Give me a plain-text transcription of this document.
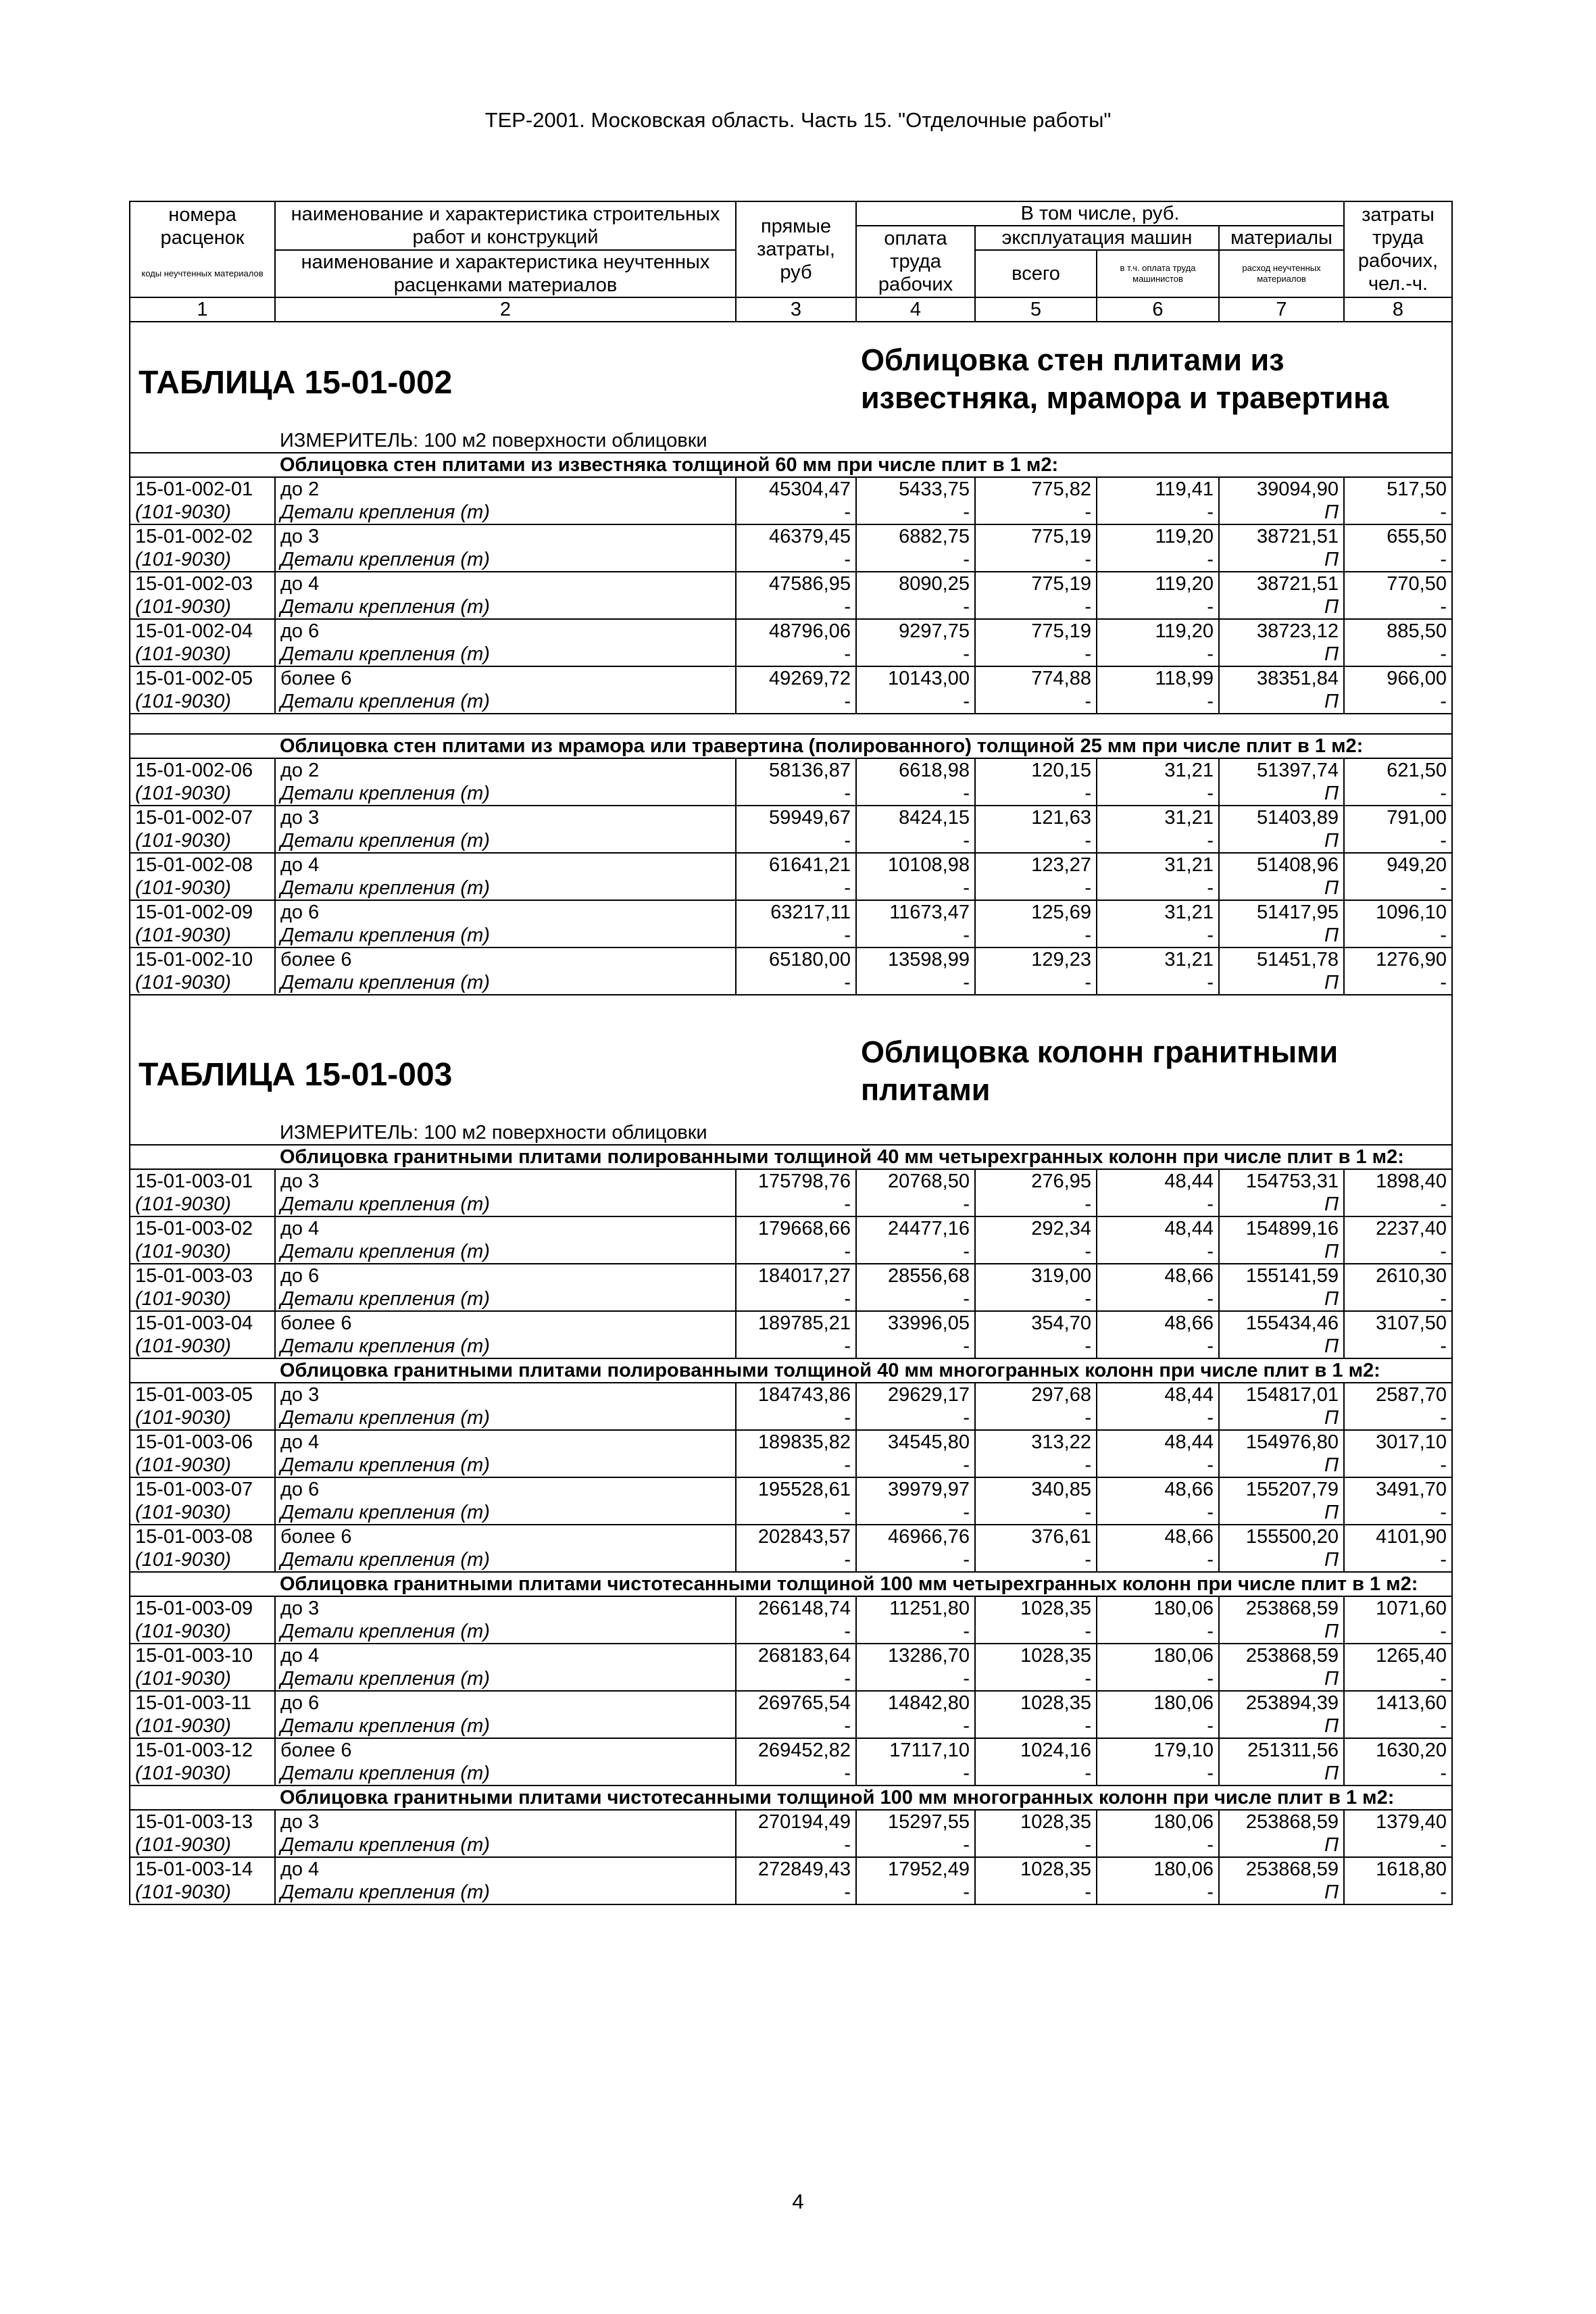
ТЕР-2001. Московская область. Часть 15. "Отделочные работы"
номера
расценок	наименование и характеристика строительных работ и конструкций	прямые затраты, руб	В том числе, руб.				затраты труда рабочих, чел.-ч.
			оплата труда рабочих	эксплуатация машин		материалы	
коды неучтенных материалов	наименование и характеристика неучтенных расценками материалов			всего	в т.ч. оплата труда машинистов	расход неучтенных материалов	

1	2	3	4	5	6	7	8
ТАБЛИЦА 15-01-002			Облицовка стен плитами из известняка, мрамора и травертина				
	ИЗМЕРИТЕЛЬ: 100 м2 поверхности облицовки						
	Облицовка стен плитами из известняка толщиной 60 мм при числе плит в 1 м2:						
15-01-002-01	до 2	45304,47	5433,75	775,82	119,41	39094,90	517,50
(101-9030)	Детали крепления (т)	-	-	-	-	П	-
15-01-002-02	до 3	46379,45	6882,75	775,19	119,20	38721,51	655,50
(101-9030)	Детали крепления (т)	-	-	-	-	П	-
15-01-002-03	до 4	47586,95	8090,25	775,19	119,20	38721,51	770,50
(101-9030)	Детали крепления (т)	-	-	-	-	П	-
15-01-002-04	до 6	48796,06	9297,75	775,19	119,20	38723,12	885,50
(101-9030)	Детали крепления (т)	-	-	-	-	П	-
15-01-002-05	более 6	49269,72	10143,00	774,88	118,99	38351,84	966,00
(101-9030)	Детали крепления (т)	-	-	-	-	П	-

	Облицовка стен плитами из мрамора или травертина (полированного) толщиной 25 мм при числе плит в 1 м2:						
15-01-002-06	до 2	58136,87	6618,98	120,15	31,21	51397,74	621,50
(101-9030)	Детали крепления (т)	-	-	-	-	П	-
15-01-002-07	до 3	59949,67	8424,15	121,63	31,21	51403,89	791,00
(101-9030)	Детали крепления (т)	-	-	-	-	П	-
15-01-002-08	до 4	61641,21	10108,98	123,27	31,21	51408,96	949,20
(101-9030)	Детали крепления (т)	-	-	-	-	П	-
15-01-002-09	до 6	63217,11	11673,47	125,69	31,21	51417,95	1096,10
(101-9030)	Детали крепления (т)	-	-	-	-	П	-
15-01-002-10	более 6	65180,00	13598,99	129,23	31,21	51451,78	1276,90
(101-9030)	Детали крепления (т)	-	-	-	-	П	-

ТАБЛИЦА 15-01-003			Облицовка колонн гранитными плитами				
	ИЗМЕРИТЕЛЬ: 100 м2 поверхности облицовки						
	Облицовка гранитными плитами полированными толщиной 40 мм четырехгранных колонн при числе плит в 1 м2:						
15-01-003-01	до 3	175798,76	20768,50	276,95	48,44	154753,31	1898,40
(101-9030)	Детали крепления (т)	-	-	-	-	П	-
15-01-003-02	до 4	179668,66	24477,16	292,34	48,44	154899,16	2237,40
(101-9030)	Детали крепления (т)	-	-	-	-	П	-
15-01-003-03	до 6	184017,27	28556,68	319,00	48,66	155141,59	2610,30
(101-9030)	Детали крепления (т)	-	-	-	-	П	-
15-01-003-04	более 6	189785,21	33996,05	354,70	48,66	155434,46	3107,50
(101-9030)	Детали крепления (т)	-	-	-	-	П	-
	Облицовка гранитными плитами полированными толщиной 40 мм многогранных колонн при числе плит в 1 м2:						
15-01-003-05	до 3	184743,86	29629,17	297,68	48,44	154817,01	2587,70
(101-9030)	Детали крепления (т)	-	-	-	-	П	-
15-01-003-06	до 4	189835,82	34545,80	313,22	48,44	154976,80	3017,10
(101-9030)	Детали крепления (т)	-	-	-	-	П	-
15-01-003-07	до 6	195528,61	39979,97	340,85	48,66	155207,79	3491,70
(101-9030)	Детали крепления (т)	-	-	-	-	П	-
15-01-003-08	более 6	202843,57	46966,76	376,61	48,66	155500,20	4101,90
(101-9030)	Детали крепления (т)	-	-	-	-	П	-
	Облицовка гранитными плитами чистотесанными толщиной 100 мм четырехгранных колонн при числе плит в 1 м2:						
15-01-003-09	до 3	266148,74	11251,80	1028,35	180,06	253868,59	1071,60
(101-9030)	Детали крепления (т)	-	-	-	-	П	-
15-01-003-10	до 4	268183,64	13286,70	1028,35	180,06	253868,59	1265,40
(101-9030)	Детали крепления (т)	-	-	-	-	П	-
15-01-003-11	до 6	269765,54	14842,80	1028,35	180,06	253894,39	1413,60
(101-9030)	Детали крепления (т)	-	-	-	-	П	-
15-01-003-12	более 6	269452,82	17117,10	1024,16	179,10	251311,56	1630,20
(101-9030)	Детали крепления (т)	-	-	-	-	П	-
	Облицовка гранитными плитами чистотесанными толщиной 100 мм многогранных колонн при числе плит в 1 м2:						
15-01-003-13	до 3	270194,49	15297,55	1028,35	180,06	253868,59	1379,40
(101-9030)	Детали крепления (т)	-	-	-	-	П	-
15-01-003-14	до 4	272849,43	17952,49	1028,35	180,06	253868,59	1618,80
(101-9030)	Детали крепления (т)	-	-	-	-	П	-
4
